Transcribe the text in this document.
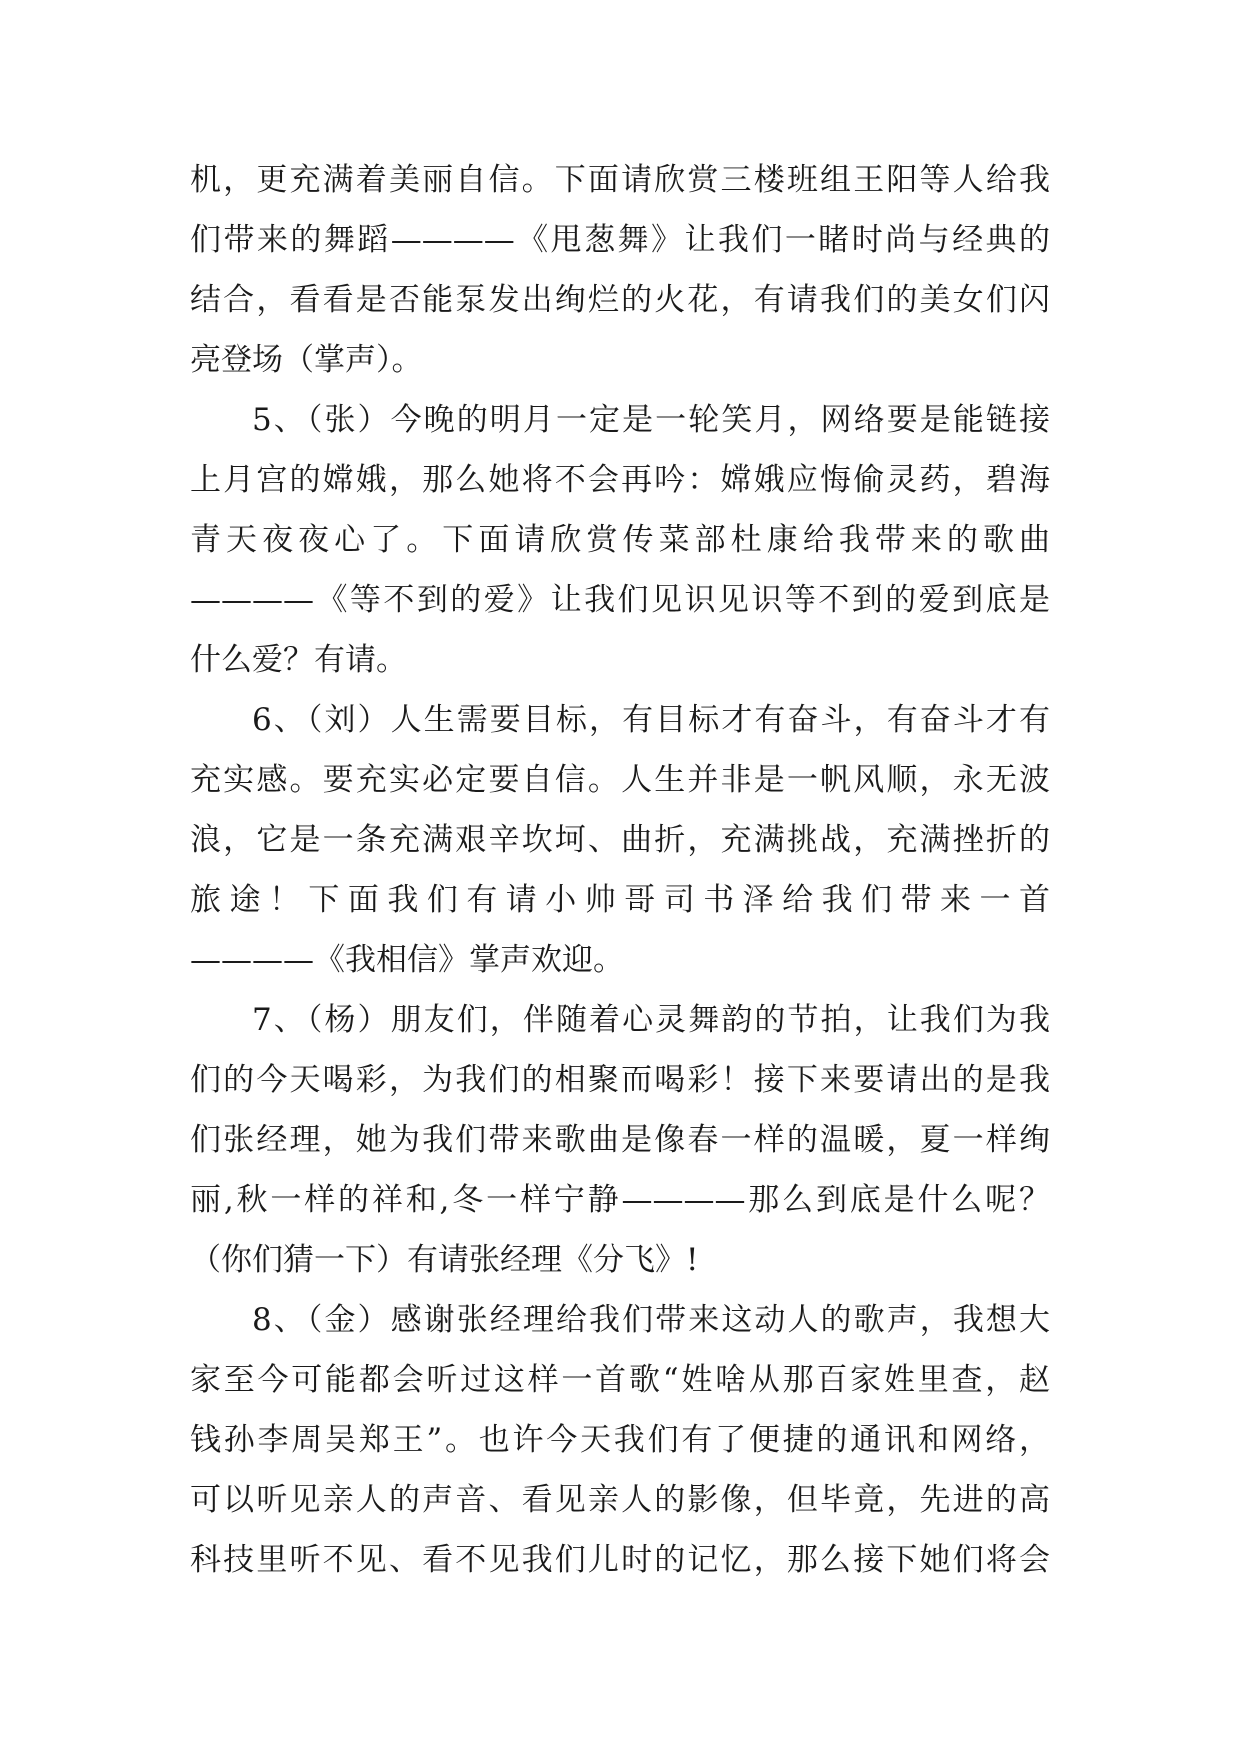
机，更充满着美丽自信。下面请欣赏三楼班组王阳等人给我
们带来的舞蹈————《甩葱舞》让我们一睹时尚与经典的
结合，看看是否能泵发出绚烂的火花，有请我们的美女们闪
亮登场（掌声）。
5、（张）今晚的明月一定是一轮笑月，网络要是能链接
上月宫的嫦娥，那么她将不会再吟：嫦娥应悔偷灵药，碧海
青天夜夜心了。下面请欣赏传菜部杜康给我带来的歌曲
————《等不到的爱》让我们见识见识等不到的爱到底是
什么爱？有请。
6、（刘）人生需要目标，有目标才有奋斗，有奋斗才有
充实感。要充实必定要自信。人生并非是一帆风顺，永无波
浪，它是一条充满艰辛坎坷、曲折，充满挑战，充满挫折的
旅途！下面我们有请小帅哥司书泽给我们带来一首
————《我相信》掌声欢迎。
7、（杨）朋友们，伴随着心灵舞韵的节拍，让我们为我
们的今天喝彩，为我们的相聚而喝彩！接下来要请出的是我
们张经理，她为我们带来歌曲是像春一样的温暖，夏一样绚
丽,秋一样的祥和,冬一样宁静————那么到底是什么呢？
（你们猜一下）有请张经理《分飞》!
8、（金）感谢张经理给我们带来这动人的歌声，我想大
家至今可能都会听过这样一首歌“姓啥从那百家姓里查，赵
钱孙李周吴郑王”。也许今天我们有了便捷的通讯和网络，
可以听见亲人的声音、看见亲人的影像，但毕竟，先进的高
科技里听不见、看不见我们儿时的记忆，那么接下她们将会
